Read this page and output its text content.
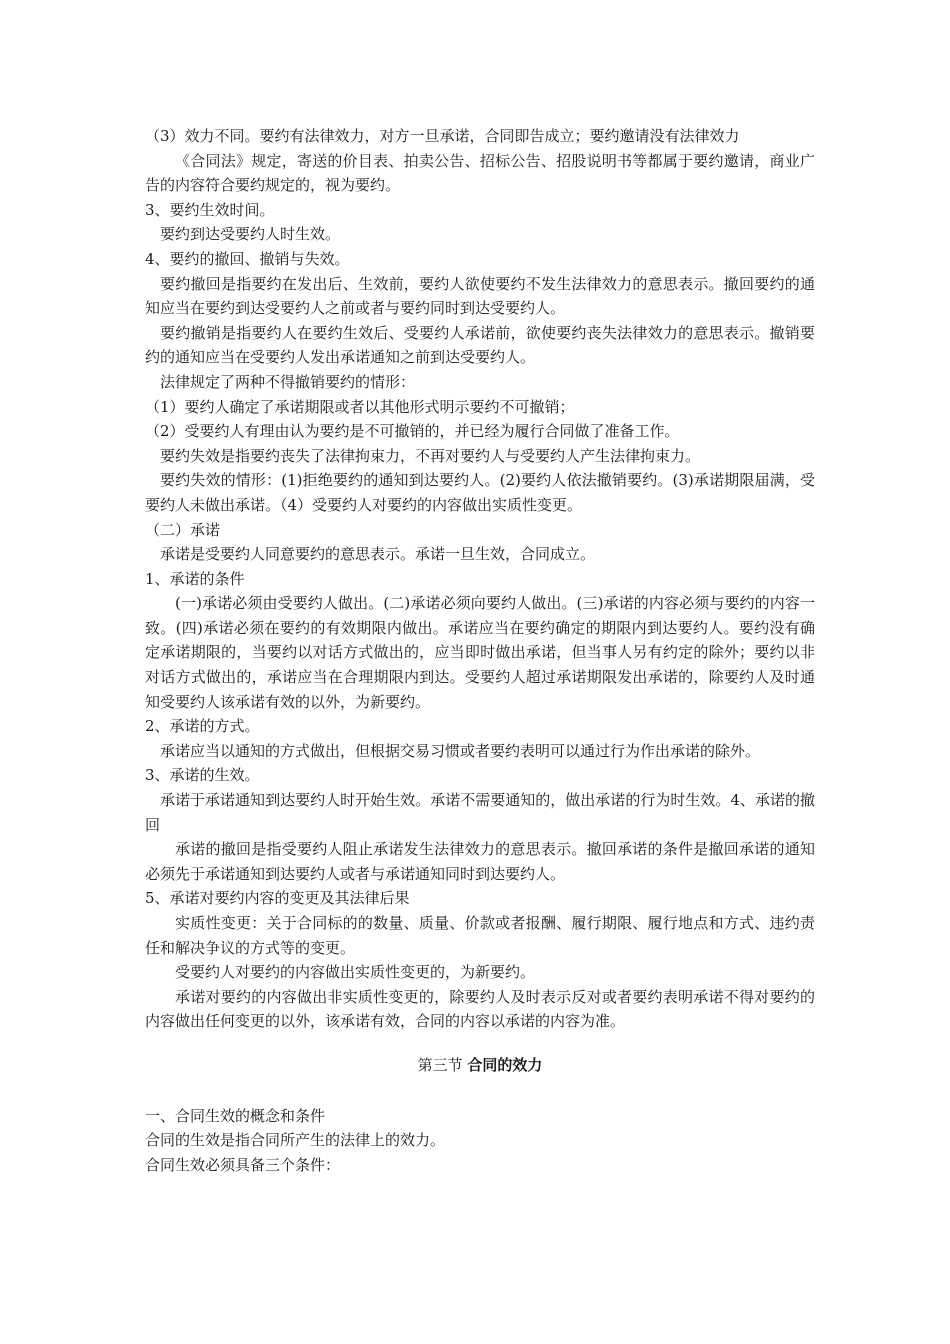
（3）效力不同。要约有法律效力，对方一旦承诺，合同即告成立；要约邀请没有法律效力

《合同法》规定，寄送的价目表、拍卖公告、招标公告、招股说明书等都属于要约邀请，商业广告的内容符合要约规定的，视为要约。

3、要约生效时间。

要约到达受要约人时生效。

4、要约的撤回、撤销与失效。

要约撤回是指要约在发出后、生效前，要约人欲使要约不发生法律效力的意思表示。撤回要约的通知应当在要约到达受要约人之前或者与要约同时到达受要约人。

要约撤销是指要约人在要约生效后、受要约人承诺前，欲使要约丧失法律效力的意思表示。撤销要约的通知应当在受要约人发出承诺通知之前到达受要约人。

法律规定了两种不得撤销要约的情形：

（1）要约人确定了承诺期限或者以其他形式明示要约不可撤销；

（2）受要约人有理由认为要约是不可撤销的，并已经为履行合同做了准备工作。

要约失效是指要约丧失了法律拘束力，不再对要约人与受要约人产生法律拘束力。

要约失效的情形：(1)拒绝要约的通知到达要约人。(2)要约人依法撤销要约。(3)承诺期限届满，受要约人未做出承诺。（4）受要约人对要约的内容做出实质性变更。

（二）承诺

承诺是受要约人同意要约的意思表示。承诺一旦生效，合同成立。

1、承诺的条件

(一)承诺必须由受要约人做出。(二)承诺必须向要约人做出。(三)承诺的内容必须与要约的内容一致。(四)承诺必须在要约的有效期限内做出。承诺应当在要约确定的期限内到达要约人。要约没有确定承诺期限的，当要约以对话方式做出的，应当即时做出承诺，但当事人另有约定的除外；要约以非对话方式做出的，承诺应当在合理期限内到达。受要约人超过承诺期限发出承诺的，除要约人及时通知受要约人该承诺有效的以外，为新要约。

2、承诺的方式。

承诺应当以通知的方式做出，但根据交易习惯或者要约表明可以通过行为作出承诺的除外。

3、承诺的生效。

承诺于承诺通知到达要约人时开始生效。承诺不需要通知的，做出承诺的行为时生效。4、承诺的撤回

承诺的撤回是指受要约人阻止承诺发生法律效力的意思表示。撤回承诺的条件是撤回承诺的通知必须先于承诺通知到达要约人或者与承诺通知同时到达要约人。

5、承诺对要约内容的变更及其法律后果

实质性变更：关于合同标的的数量、质量、价款或者报酬、履行期限、履行地点和方式、违约责任和解决争议的方式等的变更。

受要约人对要约的内容做出实质性变更的，为新要约。

承诺对要约的内容做出非实质性变更的，除要约人及时表示反对或者要约表明承诺不得对要约的内容做出任何变更的以外，该承诺有效，合同的内容以承诺的内容为准。

第三节 合同的效力

一、合同生效的概念和条件

合同的生效是指合同所产生的法律上的效力。

合同生效必须具备三个条件：
